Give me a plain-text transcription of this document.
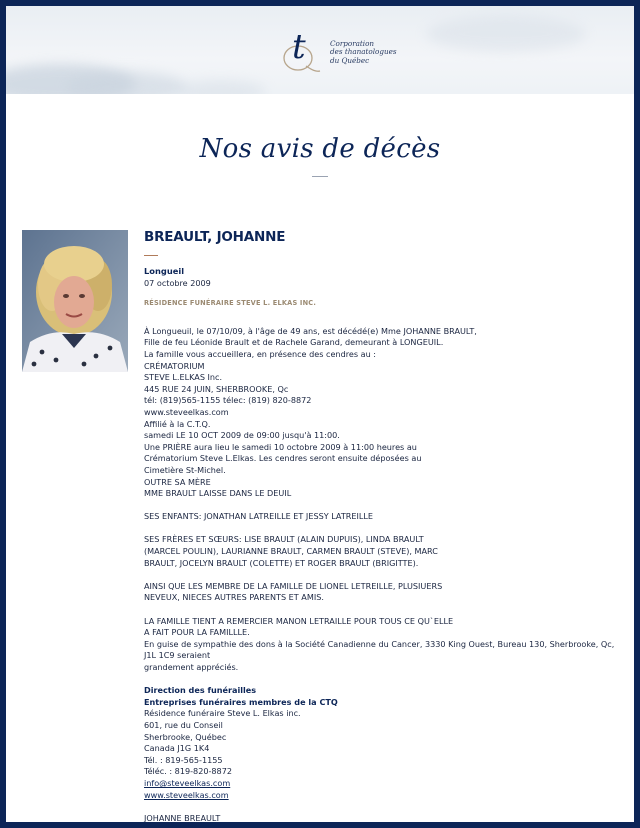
t	Corporation
des thanatologues
du Québec
Nos avis de décès
BREAULT, JOHANNE
Longueil
07 octobre 2009
RÉSIDENCE FUNÉRAIRE STEVE L. ELKAS INC.

À Longueuil, le 07/10/09, à l'âge de 49 ans, est décédé(e) Mme JOHANNE BRAULT,

Fille de feu Léonide Brault et de Rachele Garand, demeurant à LONGEUIL.

La famille vous accueillera, en présence des cendres au :

CRÉMATORIUM

STEVE L.ELKAS Inc.

445 RUE 24 JUIN, SHERBROOKE, Qc

tél: (819)565-1155 télec: (819) 820-8872

www.steveelkas.com

Affilié à la C.T.Q.

samedi LE 10 OCT 2009 de 09:00 jusqu'à 11:00.

Une PRIÈRE aura lieu le samedi 10 octobre 2009 à 11:00 heures au

Crématorium Steve L.Elkas. Les cendres seront ensuite déposées au

Cimetière St-Michel.

OUTRE SA MÈRE

MME BRAULT LAISSE DANS LE DEUIL

SES ENFANTS: JONATHAN LATREILLE ET JESSY LATREILLE

SES FRÈRES ET SŒURS: LISE BRAULT (ALAIN DUPUIS), LINDA BRAULT

(MARCEL POULIN), LAURIANNE BRAULT, CARMEN BRAULT (STEVE), MARC

BRAULT, JOCELYN BRAULT (COLETTE) ET ROGER BRAULT (BRIGITTE).

AINSI QUE LES MEMBRE DE LA FAMILLE DE LIONEL LETREILLE, PLUSIUERS

NEVEUX, NIECES AUTRES PARENTS ET AMIS.

LA FAMILLE TIENT A REMERCIER MANON LETRAILLE POUR TOUS CE QU`ELLE

A FAIT POUR LA FAMILLLE.

En guise de sympathie des dons à la Société Canadienne du Cancer, 3330 King Ouest, Bureau 130, Sherbrooke, Qc, J1L 1C9 seraient

grandement appréciés.

Direction des funérailles
Entreprises funéraires membres de la CTQ
Résidence funéraire Steve L. Elkas inc.
601, rue du Conseil
Sherbrooke, Québec
Canada J1G 1K4
Tél. : 819-565-1155
Téléc. : 819-820-8872
info@steveelkas.com
www.steveelkas.com
JOHANNE BREAULT
